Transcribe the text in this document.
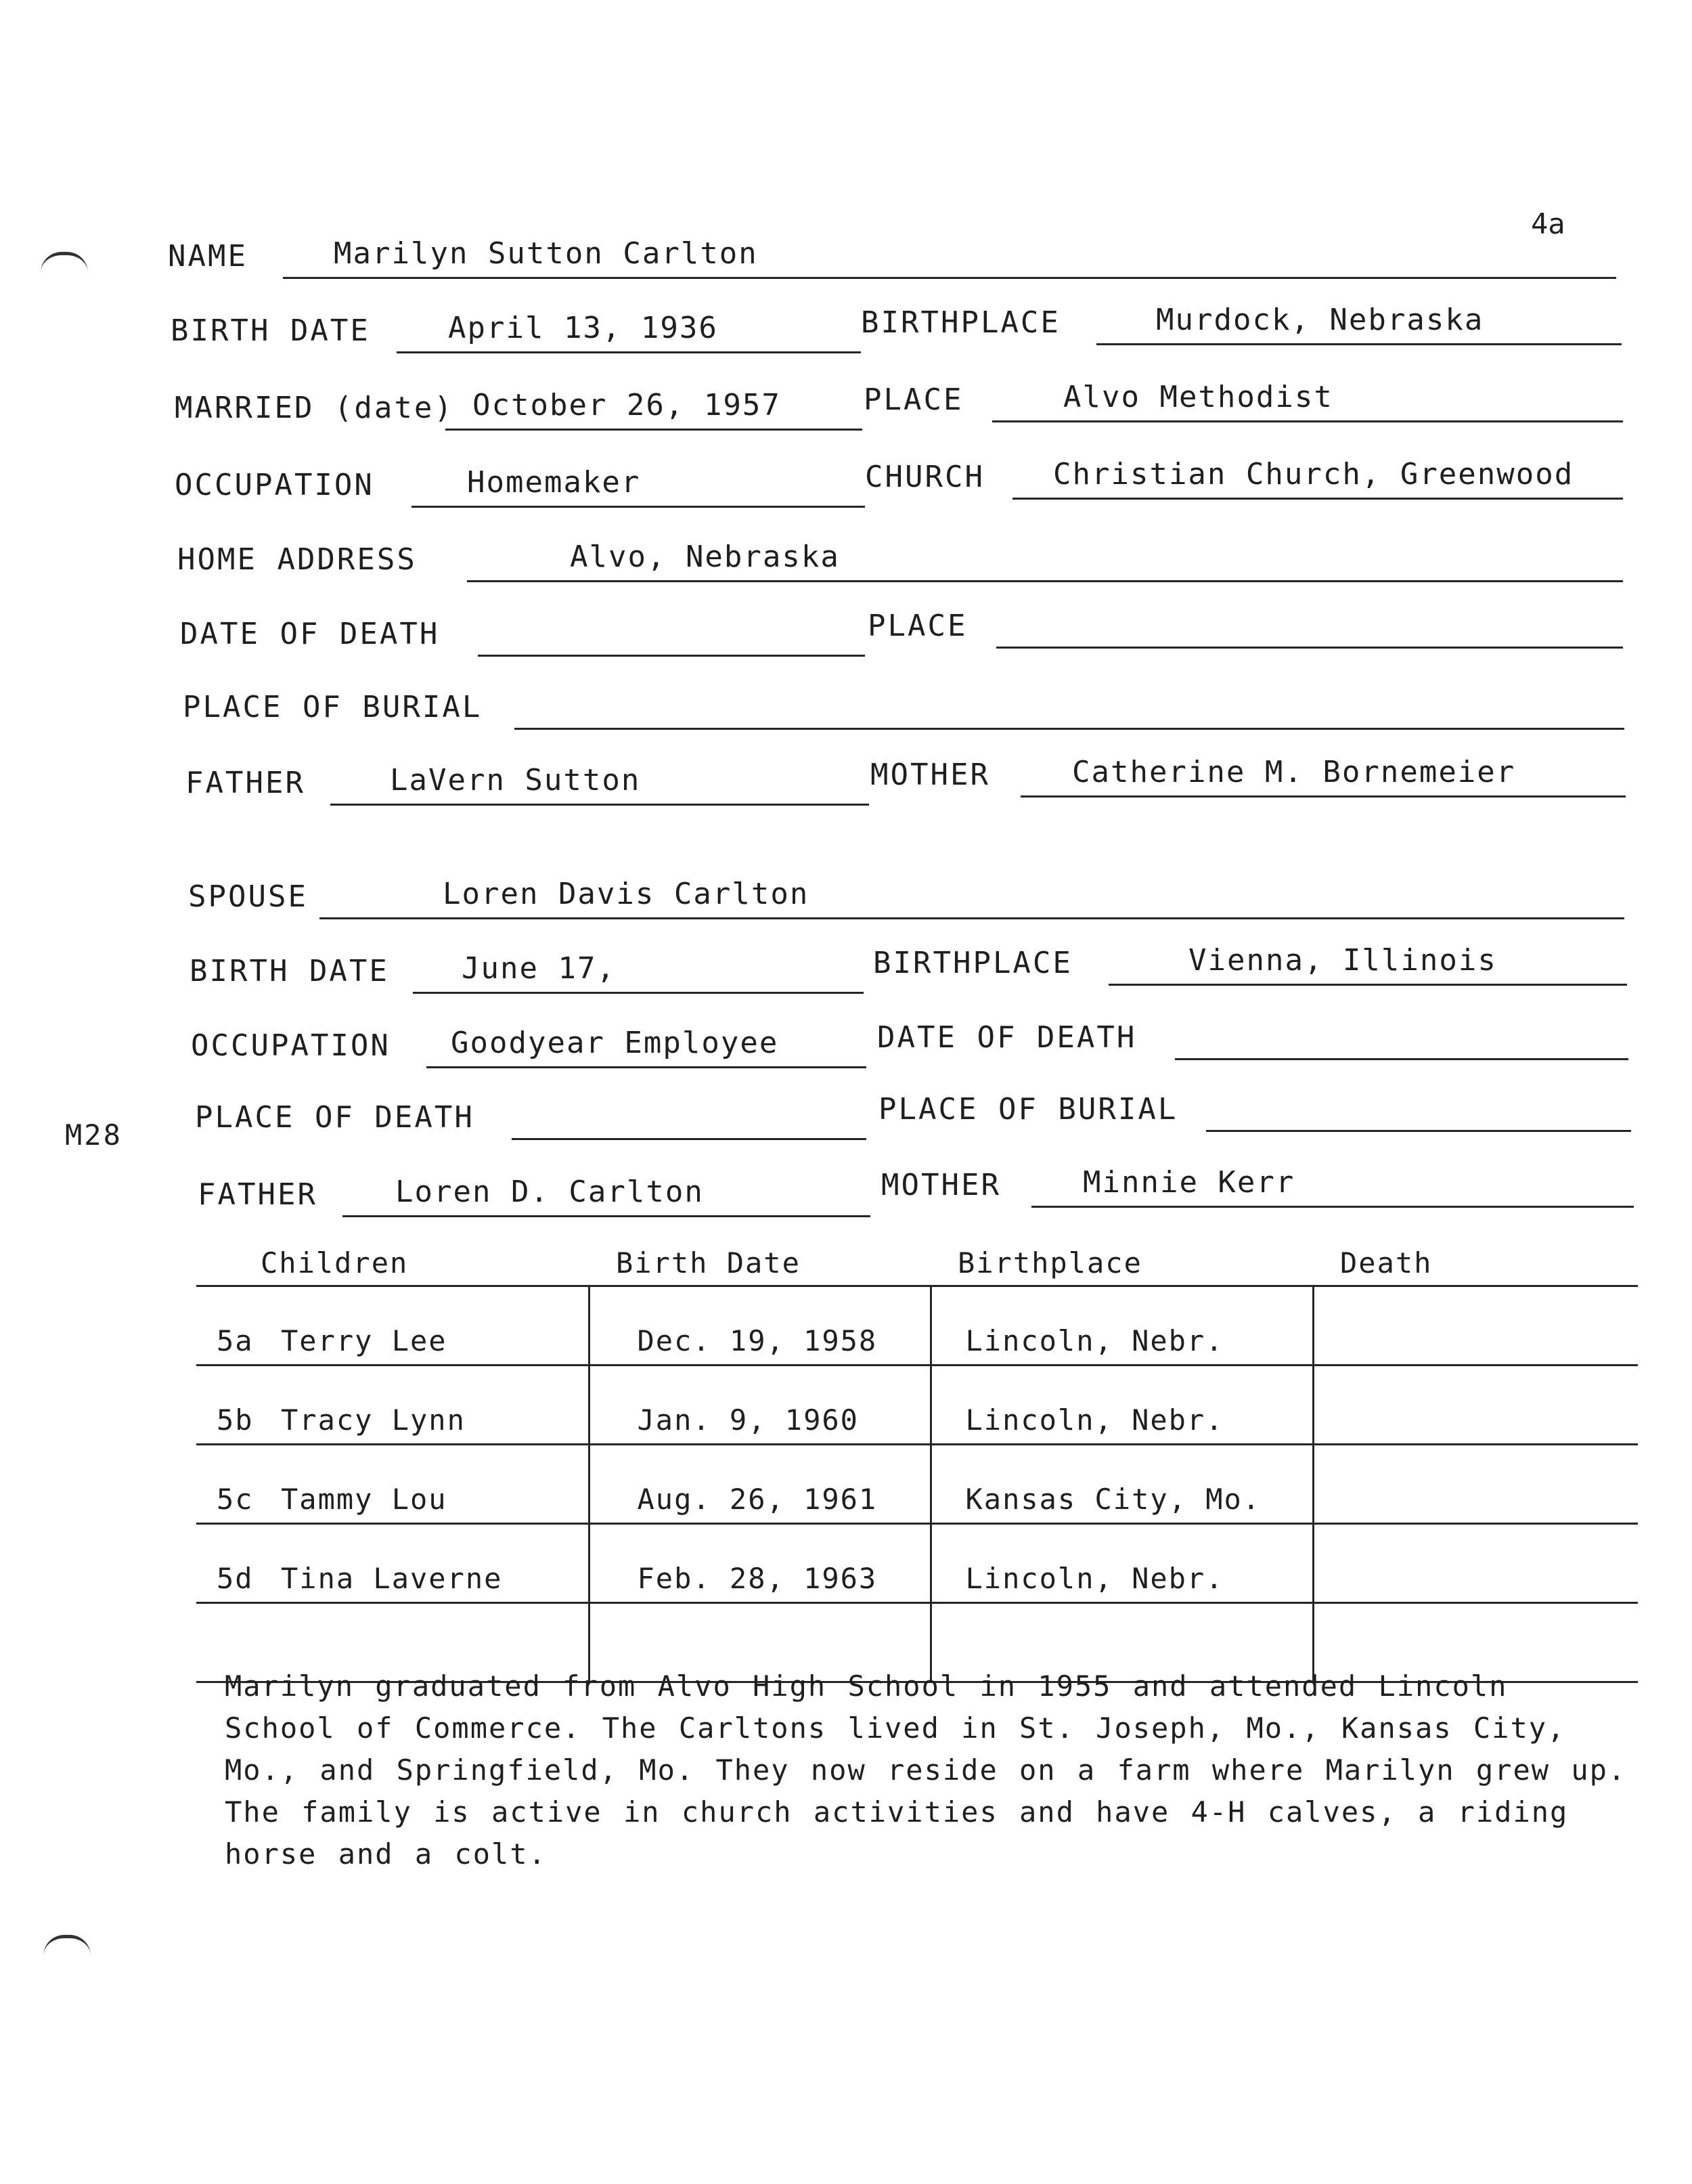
4a
M28
NAME	Marilyn Sutton Carlton
BIRTH DATE	April 13, 1936	BIRTHPLACE	Murdock, Nebraska
MARRIED (date) October 26, 1957	PLACE	Alvo Methodist
OCCUPATION	Homemaker	CHURCH Christian Church, Greenwood
HOME ADDRESS	Alvo, Nebraska
DATE OF DEATH	PLACE
PLACE OF BURIAL
FATHER	LaVern Sutton	MOTHER	Catherine M. Bornemeier
SPOUSE	Loren Davis Carlton
BIRTH DATE June 17,	BIRTHPLACE	Vienna, Illinois
OCCUPATION Goodyear Employee	DATE OF DEATH
PLACE OF DEATH	PLACE OF BURIAL
FATHER	Loren D. Carlton	MOTHER	Minnie Kerr
Children	Birth Date	Birthplace	Death
5a Terry Lee	Dec. 19, 1958	Lincoln, Nebr.	
5b Tracy Lynn	Jan. 9, 1960	Lincoln, Nebr.	
5c Tammy Lou	Aug. 26, 1961	Kansas City, Mo.	
5d Tina Laverne	Feb. 28, 1963	Lincoln, Nebr.	

Marilyn graduated from Alvo High School in 1955 and attended Lincoln School of Commerce. The Carltons lived in St. Joseph, Mo., Kansas City, Mo., and Springfield, Mo. They now reside on a farm where Marilyn grew up. The family is active in church activities and have 4-H calves, a riding horse and a colt.
